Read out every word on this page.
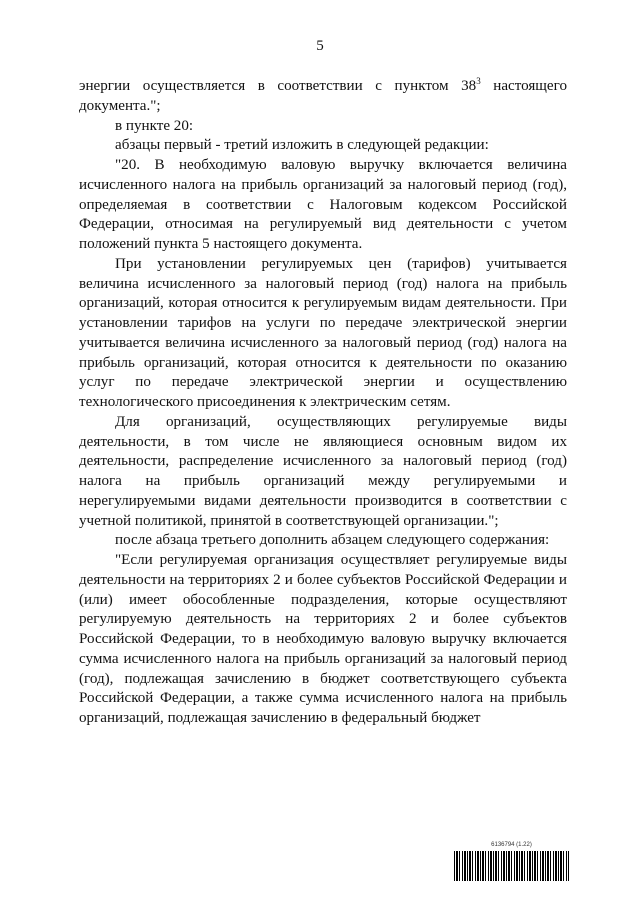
5

энергии осуществляется в соответствии с пунктом $38^3$ настоящего документа.";

в пункте 20:

абзацы первый - третий изложить в следующей редакции:

"20. В необходимую валовую выручку включается величина исчисленного налога на прибыль организаций за налоговый период (год), определяемая в соответствии с Налоговым кодексом Российской Федерации, относимая на регулируемый вид деятельности с учетом положений пункта 5 настоящего документа.

При установлении регулируемых цен (тарифов) учитывается величина исчисленного за налоговый период (год) налога на прибыль организаций, которая относится к регулируемым видам деятельности. При установлении тарифов на услуги по передаче электрической энергии учитывается величина исчисленного за налоговый период (год) налога на прибыль организаций, которая относится к деятельности по оказанию услуг по передаче электрической энергии и осуществлению технологического присоединения к электрическим сетям.

Для организаций, осуществляющих регулируемые виды деятельности, в том числе не являющиеся основным видом их деятельности, распределение исчисленного за налоговый период (год) налога на прибыль организаций между регулируемыми и нерегулируемыми видами деятельности производится в соответствии с учетной политикой, принятой в соответствующей организации.";

после абзаца третьего дополнить абзацем следующего содержания:

"Если регулируемая организация осуществляет регулируемые виды деятельности на территориях 2 и более субъектов Российской Федерации и (или) имеет обособленные подразделения, которые осуществляют регулируемую деятельность на территориях 2 и более субъектов Российской Федерации, то в необходимую валовую выручку включается сумма исчисленного налога на прибыль организаций за налоговый период (год), подлежащая зачислению в бюджет соответствующего субъекта Российской Федерации, а также сумма исчисленного налога на прибыль организаций, подлежащая зачислению в федеральный бюджет

6136794 (1.22)
